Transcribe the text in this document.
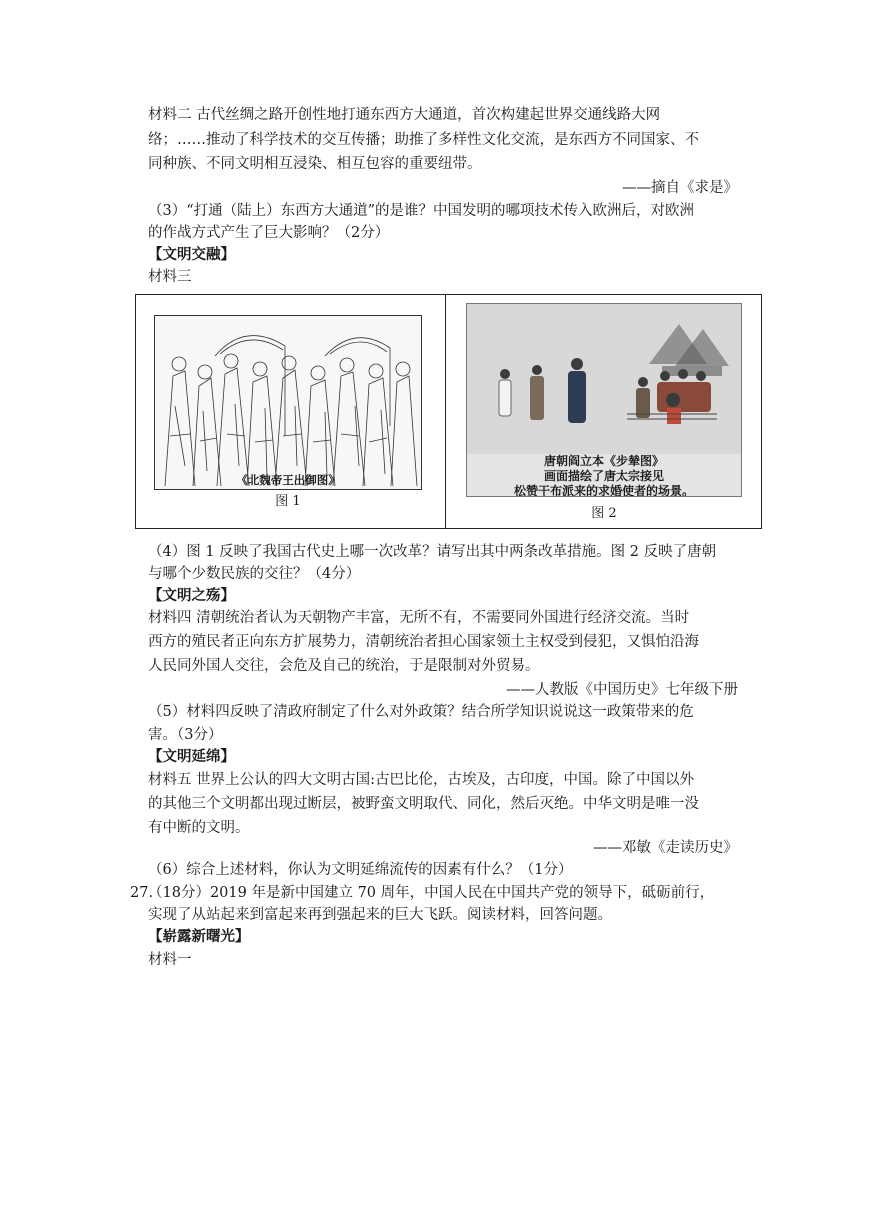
材料二 古代丝绸之路开创性地打通东西方大通道，首次构建起世界交通线路大网
络；……推动了科学技术的交互传播；助推了多样性文化交流，是东西方不同国家、不
同种族、不同文明相互浸染、相互包容的重要纽带。
——摘自《求是》
（3）“打通（陆上）东西方大通道”的是谁？中国发明的哪项技术传入欧洲后，对欧洲
的作战方式产生了巨大影响？（2分）
【文明交融】
材料三
《北魏帝王出御图》
图 1
唐朝阎立本《步辇图》
画面描绘了唐太宗接见
松赞干布派来的求婚使者的场景。
图 2
（4）图 1 反映了我国古代史上哪一次改革？请写出其中两条改革措施。图 2 反映了唐朝
与哪个少数民族的交往？（4分）
【文明之殇】
材料四 清朝统治者认为天朝物产丰富，无所不有，不需要同外国进行经济交流。当时
西方的殖民者正向东方扩展势力，清朝统治者担心国家领土主权受到侵犯，又惧怕沿海
人民同外国人交往，会危及自己的统治，于是限制对外贸易。
——人教版《中国历史》七年级下册
（5）材料四反映了清政府制定了什么对外政策？结合所学知识说说这一政策带来的危
害。（3分）
【文明延绵】
材料五 世界上公认的四大文明古国:古巴比伦，古埃及，古印度，中国。除了中国以外
的其他三个文明都出现过断层，被野蛮文明取代、同化，然后灭绝。中华文明是唯一没
有中断的文明。
——邓敏《走读历史》
（6）综合上述材料，你认为文明延绵流传的因素有什么？（1分）
27.
（18分）2019 年是新中国建立 70 周年，中国人民在中国共产党的领导下，砥砺前行，
实现了从站起来到富起来再到强起来的巨大飞跃。阅读材料，回答问题。
【崭露新曙光】
材料一
